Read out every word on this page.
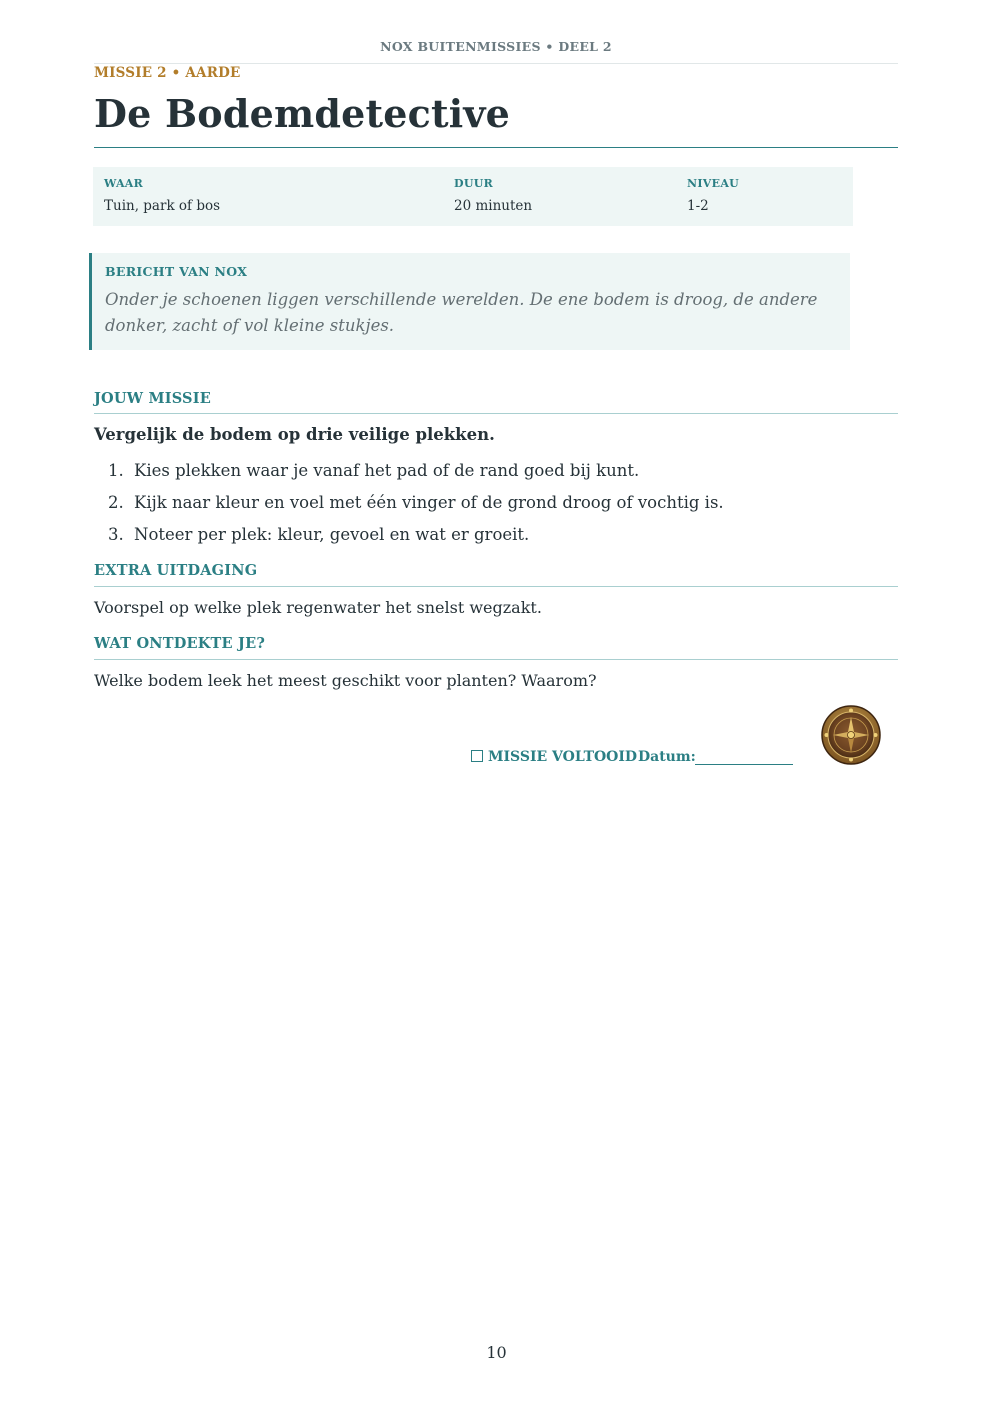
NOX BUITENMISSIES • DEEL 2
MISSIE 2 • AARDE
De Bodemdetective
WAAR
Tuin, park of bos
DUUR
20 minuten
NIVEAU
1-2
BERICHT VAN NOX
Onder je schoenen liggen verschillende werelden. De ene bodem is droog, de andere donker, zacht of vol kleine stukjes.
JOUW MISSIE
Vergelijk de bodem op drie veilige plekken.
1. Kies plekken waar je vanaf het pad of de rand goed bij kunt.
2. Kijk naar kleur en voel met één vinger of de grond droog of vochtig is.
3. Noteer per plek: kleur, gevoel en wat er groeit.
EXTRA UITDAGING
Voorspel op welke plek regenwater het snelst wegzakt.
WAT ONTDEKTE JE?
Welke bodem leek het meest geschikt voor planten? Waarom?
MISSIE VOLTOOID Datum:
10
